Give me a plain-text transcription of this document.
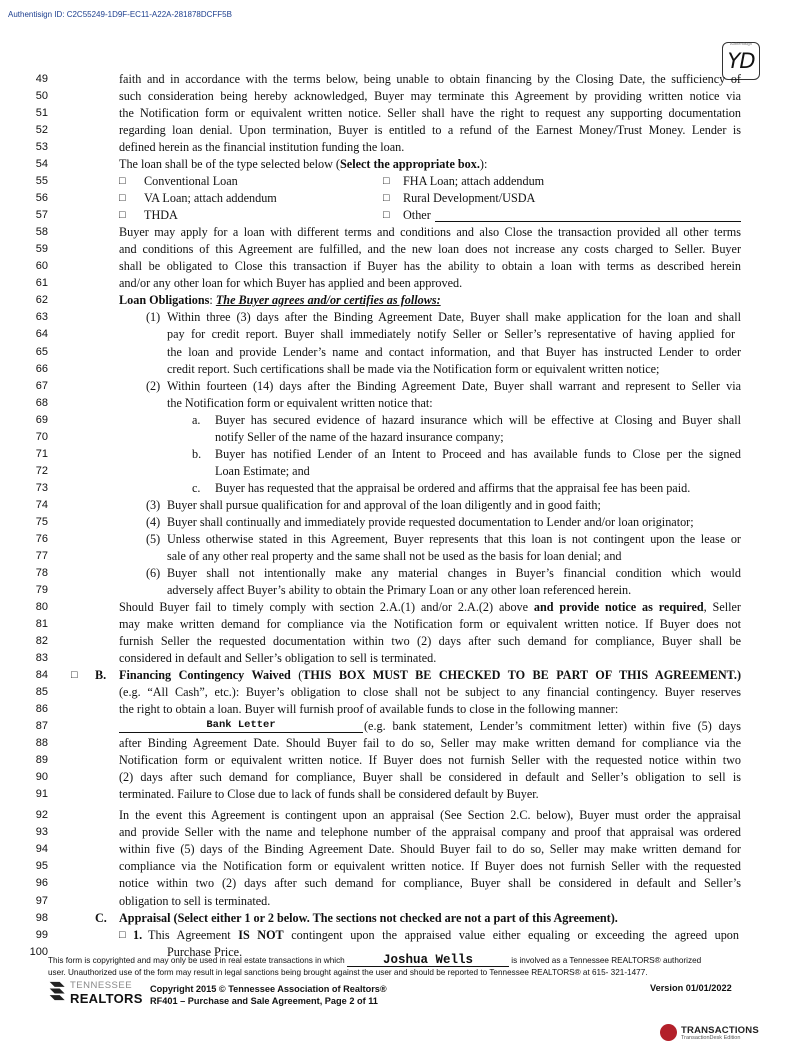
Authentisign ID: C2C55249-1D9F-EC11-A22A-281878DCFF5B
Authentisign
YD
49	faith and in accordance with the terms below, being unable to obtain financing by the Closing Date, the sufficiency of
50	such consideration being hereby acknowledged, Buyer may terminate this Agreement by providing written notice via
51	the Notification form or equivalent written notice. Seller shall have the right to request any supporting documentation
52	regarding loan denial. Upon termination, Buyer is entitled to a refund of the Earnest Money/Trust Money. Lender is
53	defined herein as the financial institution funding the loan.
54	The loan shall be of the type selected below (Select the appropriate box.):
55	□ Conventional Loan	□ FHA Loan; attach addendum
56	□ VA Loan; attach addendum	□ Rural Development/USDA
57	□ THDA	□ Other
58	Buyer may apply for a loan with different terms and conditions and also Close the transaction provided all other terms
59	and conditions of this Agreement are fulfilled, and the new loan does not increase any costs charged to Seller. Buyer
60	shall be obligated to Close this transaction if Buyer has the ability to obtain a loan with terms as described herein
61	and/or any other loan for which Buyer has applied and been approved.
62	Loan Obligations: The Buyer agrees and/or certifies as follows:
63	(1) Within three (3) days after the Binding Agreement Date, Buyer shall make application for the loan and shall
64	pay for credit report. Buyer shall immediately notify Seller or Seller’s representative of having applied for
65	the loan and provide Lender’s name and contact information, and that Buyer has instructed Lender to order
66	credit report. Such certifications shall be made via the Notification form or equivalent written notice;
67	(2) Within fourteen (14) days after the Binding Agreement Date, Buyer shall warrant and represent to Seller via
68	the Notification form or equivalent written notice that:
69	a. Buyer has secured evidence of hazard insurance which will be effective at Closing and Buyer shall
70	notify Seller of the name of the hazard insurance company;
71	b. Buyer has notified Lender of an Intent to Proceed and has available funds to Close per the signed
72	Loan Estimate; and
73	c. Buyer has requested that the appraisal be ordered and affirms that the appraisal fee has been paid.
74	(3) Buyer shall pursue qualification for and approval of the loan diligently and in good faith;
75	(4) Buyer shall continually and immediately provide requested documentation to Lender and/or loan originator;
76	(5) Unless otherwise stated in this Agreement, Buyer represents that this loan is not contingent upon the lease or
77	sale of any other real property and the same shall not be used as the basis for loan denial; and
78	(6) Buyer shall not intentionally make any material changes in Buyer’s financial condition which would
79	adversely affect Buyer’s ability to obtain the Primary Loan or any other loan referenced herein.
80	Should Buyer fail to timely comply with section 2.A.(1) and/or 2.A.(2) above and provide notice as required, Seller
81	may make written demand for compliance via the Notification form or equivalent written notice. If Buyer does not
82	furnish Seller the requested documentation within two (2) days after such demand for compliance, Buyer shall be
83	considered in default and Seller’s obligation to sell is terminated.
84 □ B. Financing Contingency Waived (THIS BOX MUST BE CHECKED TO BE PART OF THIS AGREEMENT.)
85	(e.g. “All Cash”, etc.): Buyer’s obligation to close shall not be subject to any financial contingency. Buyer reserves
86	the right to obtain a loan. Buyer will furnish proof of available funds to close in the following manner:
87	Bank Letter	(e.g. bank statement, Lender’s commitment letter) within five (5) days
88	after Binding Agreement Date. Should Buyer fail to do so, Seller may make written demand for compliance via the
89	Notification form or equivalent written notice. If Buyer does not furnish Seller with the requested notice within two
90	(2) days after such demand for compliance, Buyer shall be considered in default and Seller’s obligation to sell is
91	terminated. Failure to Close due to lack of funds shall be considered default by Buyer.
92	In the event this Agreement is contingent upon an appraisal (See Section 2.C. below), Buyer must order the appraisal
93	and provide Seller with the name and telephone number of the appraisal company and proof that appraisal was ordered
94	within five (5) days of the Binding Agreement Date. Should Buyer fail to do so, Seller may make written demand for
95	compliance via the Notification form or equivalent written notice. If Buyer does not furnish Seller with the requested
96	notice within two (2) days after such demand for compliance, Buyer shall be considered in default and Seller’s
97	obligation to sell is terminated.
98	C. Appraisal (Select either 1 or 2 below. The sections not checked are not a part of this Agreement).
99	□ 1. This Agreement IS NOT contingent upon the appraised value either equaling or exceeding the agreed upon
100	Purchase Price.
This form is copyrighted and may only be used in real estate transactions in which	Joshua Wells	is involved as a Tennessee REALTORS® authorized
user. Unauthorized use of the form may result in legal sanctions being brought against the user and should be reported to Tennessee REALTORS® at 615- 321-1477.
TENNESSEE
REALTORS
Copyright 2015 © Tennessee Association of Realtors®
RF401 – Purchase and Sale Agreement, Page 2 of 11
Version 01/01/2022
TRANSACTIONS
TransactionDesk Edition
